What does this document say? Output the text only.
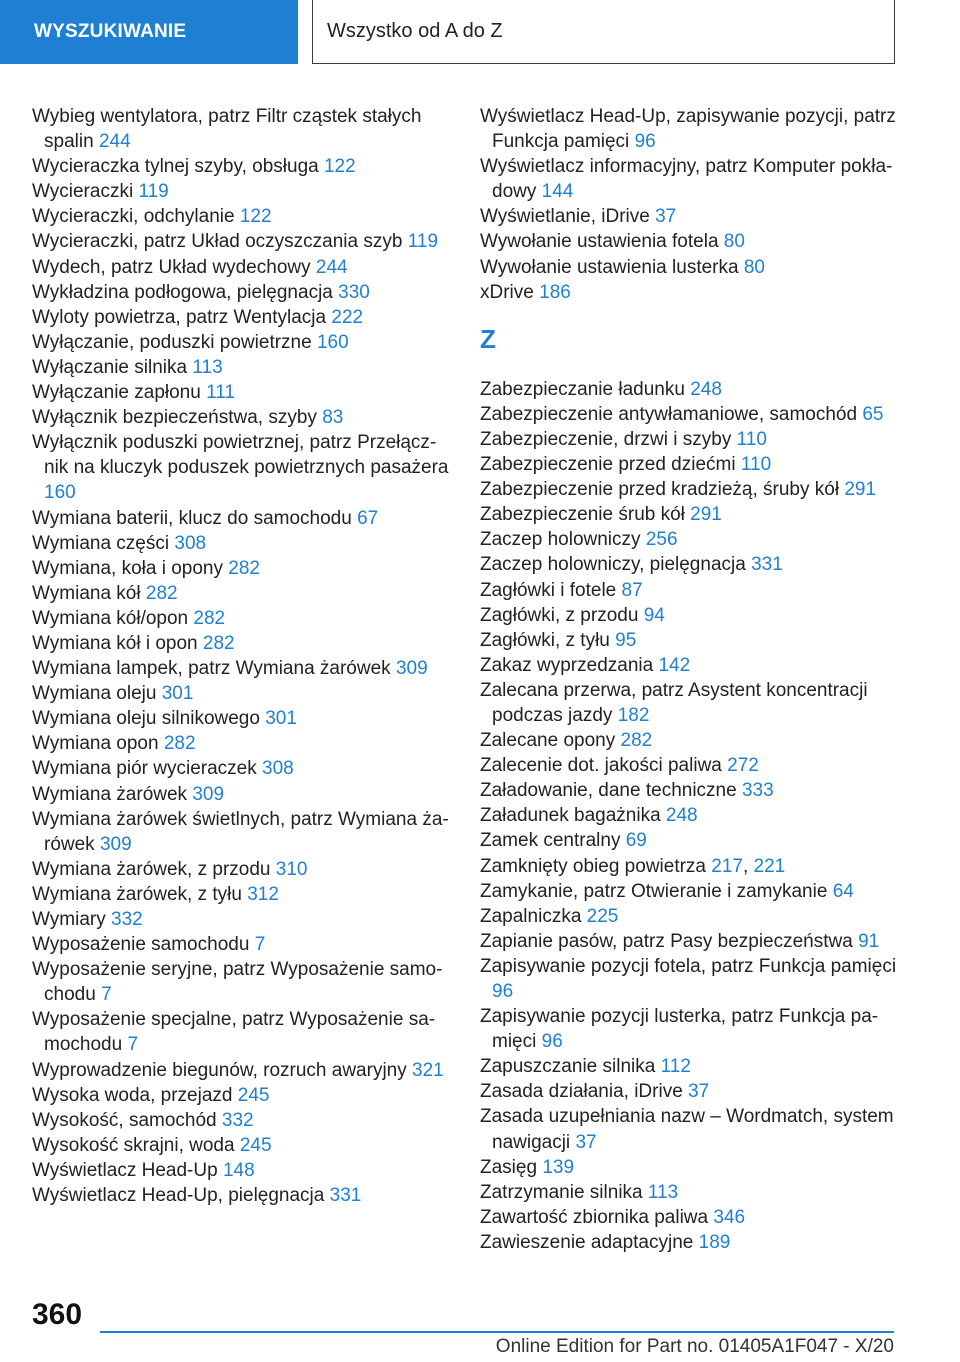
WYSZUKIWANIE	Wszystko od A do Z
Wybieg wentylatora, patrz Filtr cząstek stałych spalin 244
Wycieraczka tylnej szyby, obsługa 122
Wycieraczki 119
Wycieraczki, odchylanie 122
Wycieraczki, patrz Układ oczyszczania szyb 119
Wydech, patrz Układ wydechowy 244
Wykładzina podłogowa, pielęgnacja 330
Wyloty powietrza, patrz Wentylacja 222
Wyłączanie, poduszki powietrzne 160
Wyłączanie silnika 113
Wyłączanie zapłonu 111
Wyłącznik bezpieczeństwa, szyby 83
Wyłącznik poduszki powietrznej, patrz Przełącznik na kluczyk poduszek powietrznych pasażera 160
Wymiana baterii, klucz do samochodu 67
Wymiana części 308
Wymiana, koła i opony 282
Wymiana kół 282
Wymiana kół/opon 282
Wymiana kół i opon 282
Wymiana lampek, patrz Wymiana żarówek 309
Wymiana oleju 301
Wymiana oleju silnikowego 301
Wymiana opon 282
Wymiana piór wycieraczek 308
Wymiana żarówek 309
Wymiana żarówek świetlnych, patrz Wymiana żarówek 309
Wymiana żarówek, z przodu 310
Wymiana żarówek, z tyłu 312
Wymiary 332
Wyposażenie samochodu 7
Wyposażenie seryjne, patrz Wyposażenie samochodu 7
Wyposażenie specjalne, patrz Wyposażenie samochodu 7
Wyprowadzenie biegunów, rozruch awaryjny 321
Wysoka woda, przejazd 245
Wysokość, samochód 332
Wysokość skrajni, woda 245
Wyświetlacz Head-Up 148
Wyświetlacz Head-Up, pielęgnacja 331
Wyświetlacz Head-Up, zapisywanie pozycji, patrz Funkcja pamięci 96
Wyświetlacz informacyjny, patrz Komputer pokładowy 144
Wyświetlanie, iDrive 37
Wywołanie ustawienia fotela 80
Wywołanie ustawienia lusterka 80
xDrive 186
Z
Zabezpieczanie ładunku 248
Zabezpieczenie antywłamaniowe, samochód 65
Zabezpieczenie, drzwi i szyby 110
Zabezpieczenie przed dziećmi 110
Zabezpieczenie przed kradzieżą, śruby kół 291
Zabezpieczenie śrub kół 291
Zaczep holowniczy 256
Zaczep holowniczy, pielęgnacja 331
Zagłówki i fotele 87
Zagłówki, z przodu 94
Zagłówki, z tyłu 95
Zakaz wyprzedzania 142
Zalecana przerwa, patrz Asystent koncentracji podczas jazdy 182
Zalecane opony 282
Zalecenie dot. jakości paliwa 272
Załadowanie, dane techniczne 333
Załadunek bagażnika 248
Zamek centralny 69
Zamknięty obieg powietrza 217, 221
Zamykanie, patrz Otwieranie i zamykanie 64
Zapalniczka 225
Zapianie pasów, patrz Pasy bezpieczeństwa 91
Zapisywanie pozycji fotela, patrz Funkcja pamięci 96
Zapisywanie pozycji lusterka, patrz Funkcja pamięci 96
Zapuszczanie silnika 112
Zasada działania, iDrive 37
Zasada uzupełniania nazw – Wordmatch, system nawigacji 37
Zasięg 139
Zatrzymanie silnika 113
Zawartość zbiornika paliwa 346
Zawieszenie adaptacyjne 189
360
Online Edition for Part no. 01405A1F047 - X/20
